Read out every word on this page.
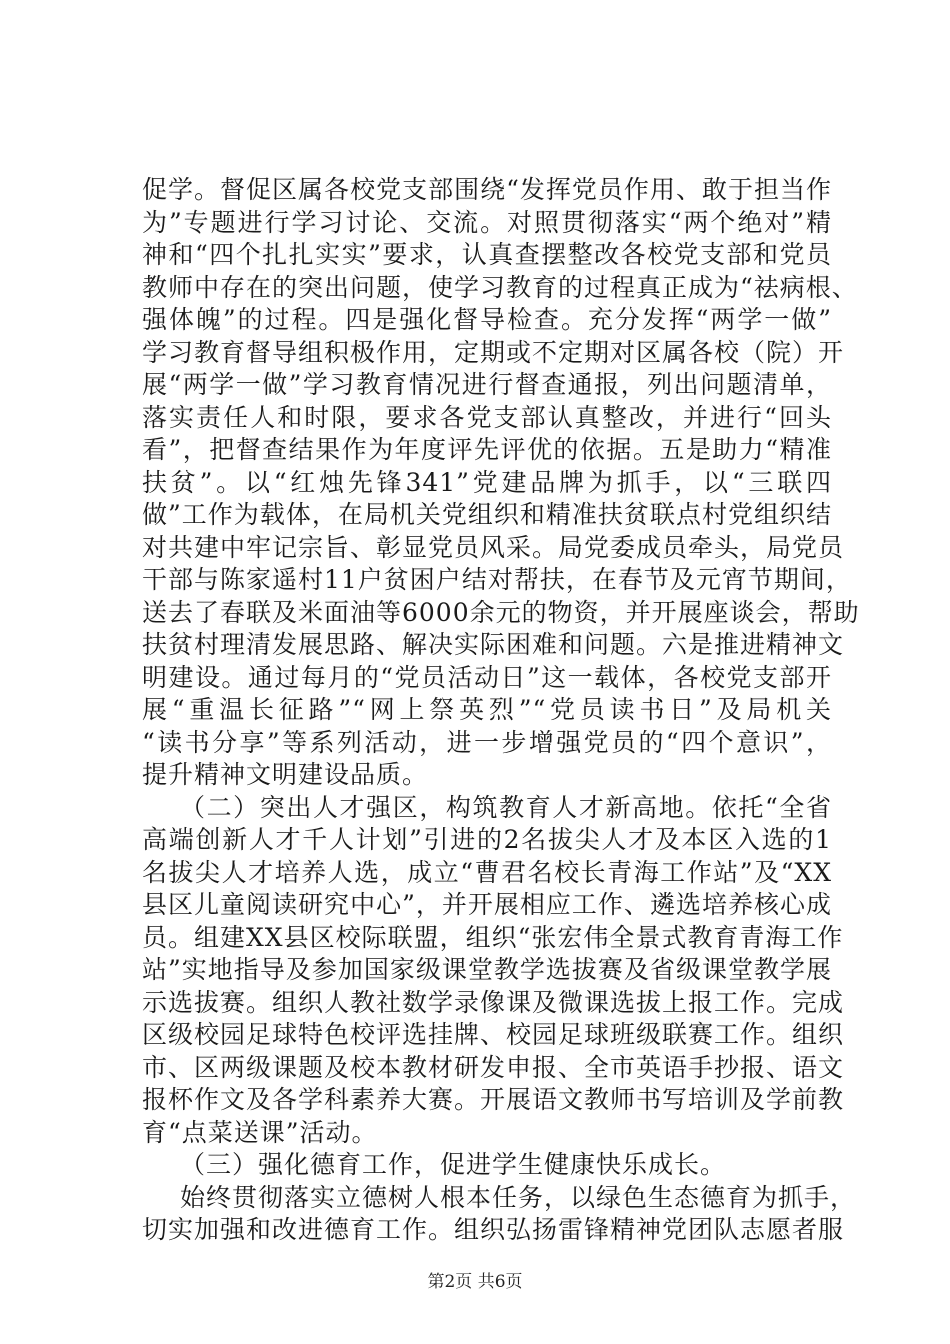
促学。督促区属各校党支部围绕“发挥党员作用、敢于担当作
为”专题进行学习讨论、交流。对照贯彻落实“两个绝对”精
神和“四个扎扎实实”要求，认真查摆整改各校党支部和党员
教师中存在的突出问题，使学习教育的过程真正成为“祛病根、
强体魄”的过程。四是强化督导检查。充分发挥“两学一做”
学习教育督导组积极作用，定期或不定期对区属各校（院）开
展“两学一做”学习教育情况进行督查通报，列出问题清单，
落实责任人和时限，要求各党支部认真整改，并进行“回头
看”，把督查结果作为年度评先评优的依据。五是助力“精准
扶贫”。以“红烛先锋341”党建品牌为抓手，以“三联四
做”工作为载体，在局机关党组织和精准扶贫联点村党组织结
对共建中牢记宗旨、彰显党员风采。局党委成员牵头，局党员
干部与陈家遥村11户贫困户结对帮扶，在春节及元宵节期间，
送去了春联及米面油等6000余元的物资，并开展座谈会，帮助
扶贫村理清发展思路、解决实际困难和问题。六是推进精神文
明建设。通过每月的“党员活动日”这一载体，各校党支部开
展“重温长征路”“网上祭英烈”“党员读书日”及局机关
“读书分享”等系列活动，进一步增强党员的“四个意识”，
提升精神文明建设品质。
（二）突出人才强区，构筑教育人才新高地。依托“全省
高端创新人才千人计划”引进的2名拔尖人才及本区入选的1
名拔尖人才培养人选，成立“曹君名校长青海工作站”及“XX
县区儿童阅读研究中心”，并开展相应工作、遴选培养核心成
员。组建XX县区校际联盟，组织“张宏伟全景式教育青海工作
站”实地指导及参加国家级课堂教学选拔赛及省级课堂教学展
示选拔赛。组织人教社数学录像课及微课选拔上报工作。完成
区级校园足球特色校评选挂牌、校园足球班级联赛工作。组织
市、区两级课题及校本教材研发申报、全市英语手抄报、语文
报杯作文及各学科素养大赛。开展语文教师书写培训及学前教
育“点菜送课”活动。
（三）强化德育工作，促进学生健康快乐成长。
始终贯彻落实立德树人根本任务，以绿色生态德育为抓手，
切实加强和改进德育工作。组织弘扬雷锋精神党团队志愿者服
第2页 共6页
